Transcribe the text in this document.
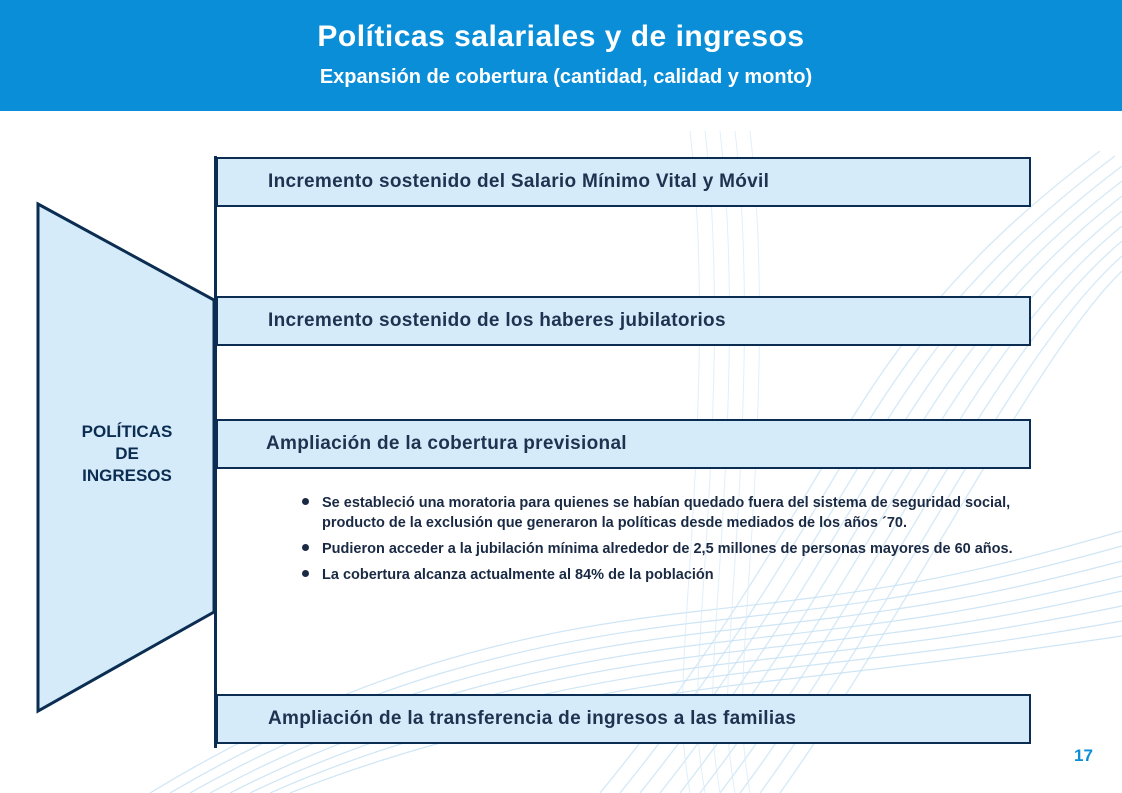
Políticas salariales y de ingresos
Expansión de cobertura (cantidad, calidad y monto)
POLÍTICAS
DE
INGRESOS
Incremento sostenido del Salario Mínimo Vital y Móvil
Incremento sostenido de los haberes jubilatorios
Ampliación de la cobertura previsional
Se estableció una moratoria para quienes se habían quedado fuera del sistema de seguridad social, producto de la exclusión que generaron la políticas desde mediados de los años ´70.
Pudieron acceder a la jubilación mínima alrededor de 2,5 millones de personas mayores de 60 años.
La cobertura alcanza actualmente al 84% de la población
Ampliación de la transferencia de ingresos a las familias
17
